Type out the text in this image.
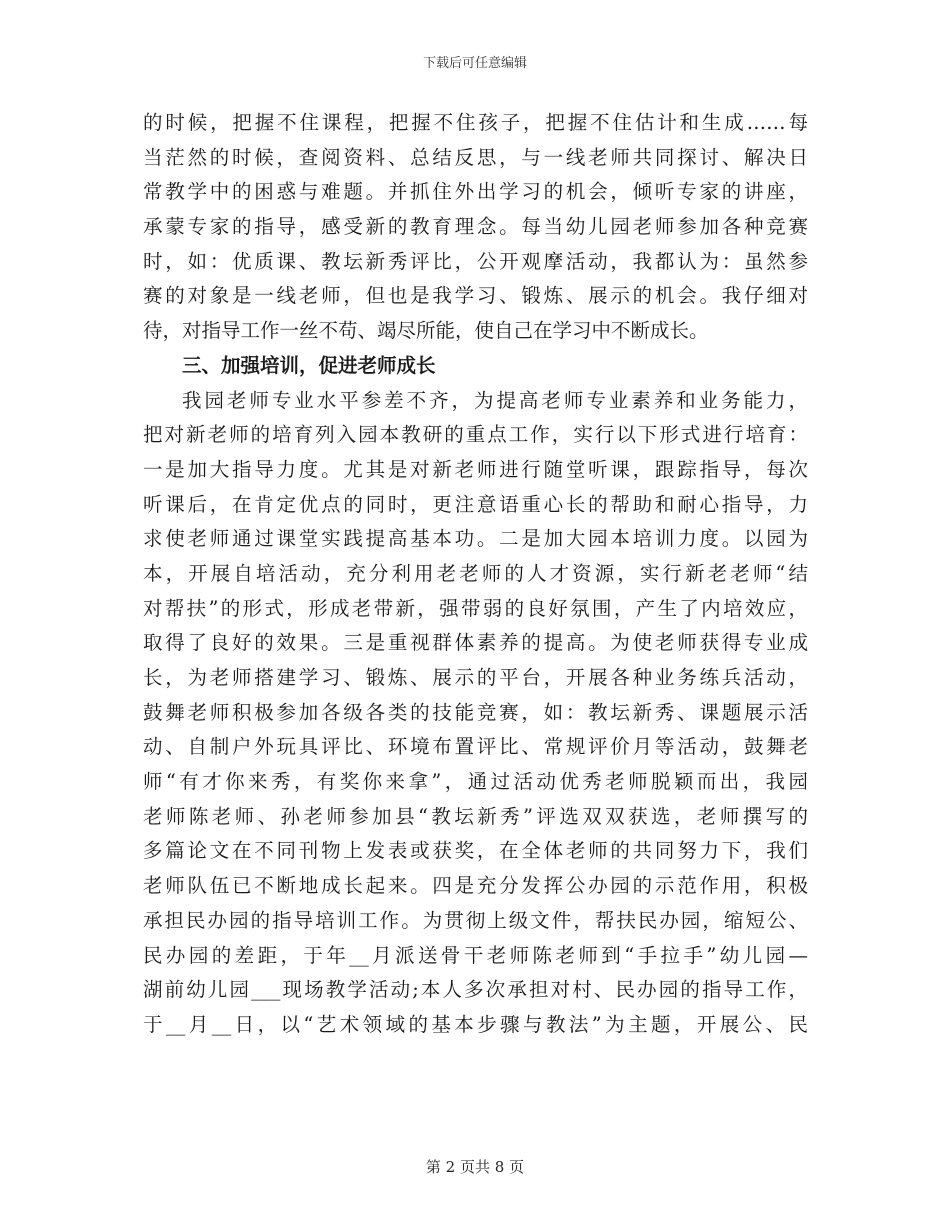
下载后可任意编辑
的时候，把握不住课程，把握不住孩子，把握不住估计和生成……每
当茫然的时候，查阅资料、总结反思，与一线老师共同探讨、解决日
常教学中的困惑与难题。并抓住外出学习的机会，倾听专家的讲座，
承蒙专家的指导，感受新的教育理念。每当幼儿园老师参加各种竞赛
时，如：优质课、教坛新秀评比，公开观摩活动，我都认为：虽然参
赛的对象是一线老师，但也是我学习、锻炼、展示的机会。我仔细对
待，对指导工作一丝不苟、竭尽所能，使自己在学习中不断成长。
三、加强培训，促进老师成长
我园老师专业水平参差不齐，为提高老师专业素养和业务能力，
把对新老师的培育列入园本教研的重点工作，实行以下形式进行培育：
一是加大指导力度。尤其是对新老师进行随堂听课，跟踪指导，每次
听课后，在肯定优点的同时，更注意语重心长的帮助和耐心指导，力
求使老师通过课堂实践提高基本功。二是加大园本培训力度。以园为
本，开展自培活动，充分利用老老师的人才资源，实行新老老师“结
对帮扶”的形式，形成老带新，强带弱的良好氛围，产生了内培效应，
取得了良好的效果。三是重视群体素养的提高。为使老师获得专业成
长，为老师搭建学习、锻炼、展示的平台，开展各种业务练兵活动，
鼓舞老师积极参加各级各类的技能竞赛，如：教坛新秀、课题展示活
动、自制户外玩具评比、环境布置评比、常规评价月等活动，鼓舞老
师“有才你来秀，有奖你来拿”，通过活动优秀老师脱颖而出，我园
老师陈老师、孙老师参加县“教坛新秀”评选双双获选，老师撰写的
多篇论文在不同刊物上发表或获奖，在全体老师的共同努力下，我们
老师队伍已不断地成长起来。四是充分发挥公办园的示范作用，积极
承担民办园的指导培训工作。为贯彻上级文件，帮扶民办园，缩短公、
民办园的差距，于年__月派送骨干老师陈老师到“手拉手”幼儿园—
湖前幼儿园___现场教学活动;本人多次承担对村、民办园的指导工作，
于__月__日，以“艺术领域的基本步骤与教法”为主题，开展公、民
第 2 页共 8 页
